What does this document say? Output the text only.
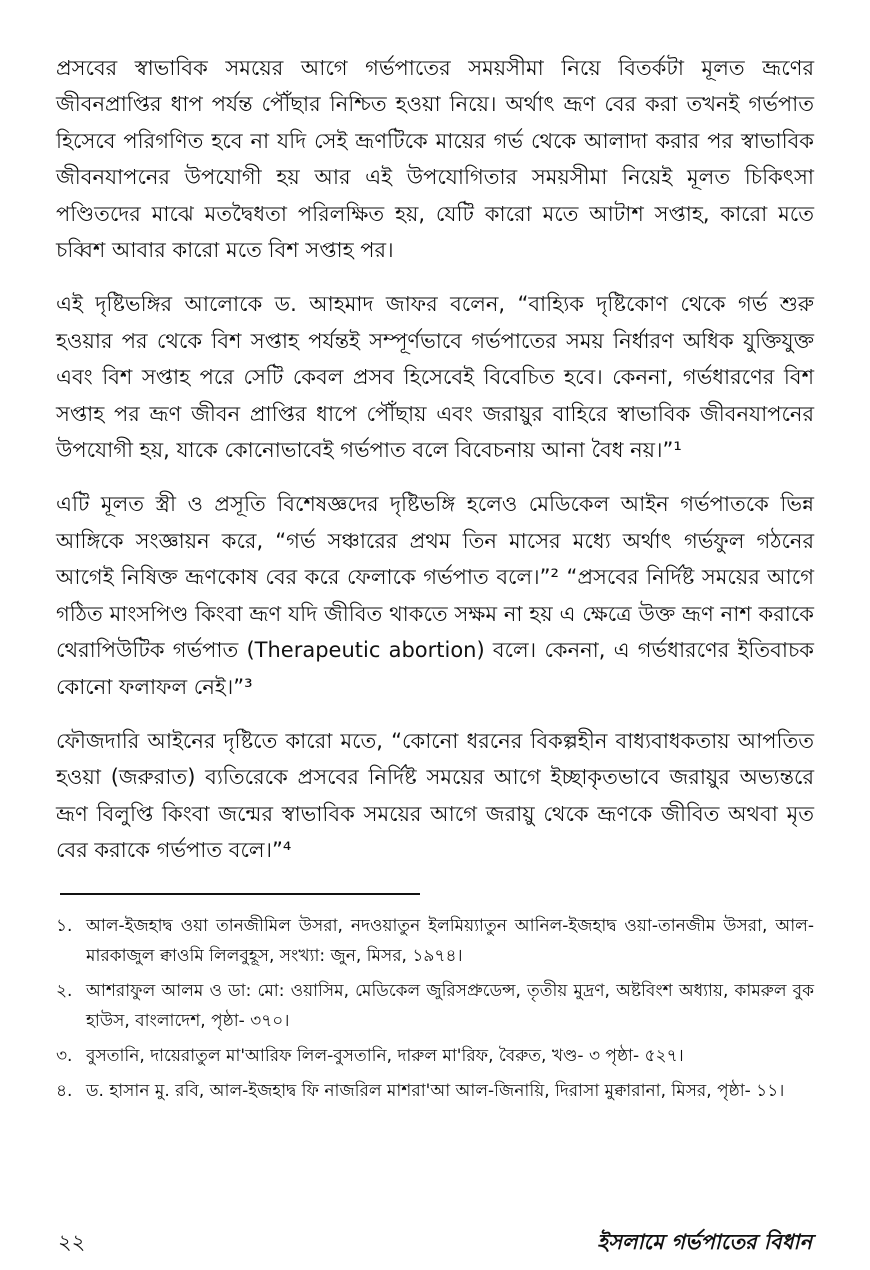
প্রসবের স্বাভাবিক সময়ের আগে গর্ভপাতের সময়সীমা নিয়ে বিতর্কটা মূলত ভ্রূণের জীবনপ্রাপ্তির ধাপ পর্যন্ত পৌঁছার নিশ্চিত হওয়া নিয়ে। অর্থাৎ ভ্রূণ বের করা তখনই গর্ভপাত হিসেবে পরিগণিত হবে না যদি সেই ভ্রূণটিকে মায়ের গর্ভ থেকে আলাদা করার পর স্বাভাবিক জীবনযাপনের উপযোগী হয় আর এই উপযোগিতার সময়সীমা নিয়েই মূলত চিকিৎসা পণ্ডিতদের মাঝে মতদ্বৈধতা পরিলক্ষিত হয়, যেটি কারো মতে আটাশ সপ্তাহ, কারো মতে চব্বিশ আবার কারো মতে বিশ সপ্তাহ পর।

এই দৃষ্টিভঙ্গির আলোকে ড. আহমাদ জাফর বলেন, “বাহ্যিক দৃষ্টিকোণ থেকে গর্ভ শুরু হওয়ার পর থেকে বিশ সপ্তাহ পর্যন্তই সম্পূর্ণভাবে গর্ভপাতের সময় নির্ধারণ অধিক যুক্তিযুক্ত এবং বিশ সপ্তাহ পরে সেটি কেবল প্রসব হিসেবেই বিবেচিত হবে। কেননা, গর্ভধারণের বিশ সপ্তাহ পর ভ্রূণ জীবন প্রাপ্তির ধাপে পৌঁছায় এবং জরায়ুর বাহিরে স্বাভাবিক জীবনযাপনের উপযোগী হয়, যাকে কোনোভাবেই গর্ভপাত বলে বিবেচনায় আনা বৈধ নয়।”¹

এটি মূলত স্ত্রী ও প্রসূতি বিশেষজ্ঞদের দৃষ্টিভঙ্গি হলেও মেডিকেল আইন গর্ভপাতকে ভিন্ন আঙ্গিকে সংজ্ঞায়ন করে, “গর্ভ সঞ্চারের প্রথম তিন মাসের মধ্যে অর্থাৎ গর্ভফুল গঠনের আগেই নিষিক্ত ভ্রূণকোষ বের করে ফেলাকে গর্ভপাত বলে।”² “প্রসবের নির্দিষ্ট সময়ের আগে গঠিত মাংসপিণ্ড কিংবা ভ্রূণ যদি জীবিত থাকতে সক্ষম না হয় এ ক্ষেত্রে উক্ত ভ্রূণ নাশ করাকে থেরাপিউটিক গর্ভপাত (Therapeutic abortion) বলে। কেননা, এ গর্ভধারণের ইতিবাচক কোনো ফলাফল নেই।”³

ফৌজদারি আইনের দৃষ্টিতে কারো মতে, “কোনো ধরনের বিকল্পহীন বাধ্যবাধকতায় আপতিত হওয়া (জরুরাত) ব্যতিরেকে প্রসবের নির্দিষ্ট সময়ের আগে ইচ্ছাকৃতভাবে জরায়ুর অভ্যন্তরে ভ্রূণ বিলুপ্তি কিংবা জন্মের স্বাভাবিক সময়ের আগে জরায়ু থেকে ভ্রূণকে জীবিত অথবা মৃত বের করাকে গর্ভপাত বলে।”⁴

১. আল-ইজহাদ্ব ওয়া তানজীমিল উসরা, নদওয়াতুন ইলমিয়্যাতুন আনিল-ইজহাদ্ব ওয়া-তানজীম উসরা, আল-মারকাজুল ক্বাওমি লিলবুহূস, সংখ্যা: জুন, মিসর, ১৯৭৪।
২. আশরাফুল আলম ও ডা: মো: ওয়াসিম, মেডিকেল জুরিসপ্রুডেন্স, তৃতীয় মুদ্রণ, অষ্টবিংশ অধ্যায়, কামরুল বুক হাউস, বাংলাদেশ, পৃষ্ঠা- ৩৭০।
৩. বুসতানি, দায়েরাতুল মা'আরিফ লিল-বুসতানি, দারুল মা'রিফ, বৈরুত, খণ্ড- ৩ পৃষ্ঠা- ৫২৭।
৪. ড. হাসান মু. রবি, আল-ইজহাদ্ব ফি নাজরিল মাশরা'আ আল-জিনায়ি, দিরাসা মুক্বারানা, মিসর, পৃষ্ঠা- ১১।
২২	ইসলামে গর্ভপাতের বিধান
